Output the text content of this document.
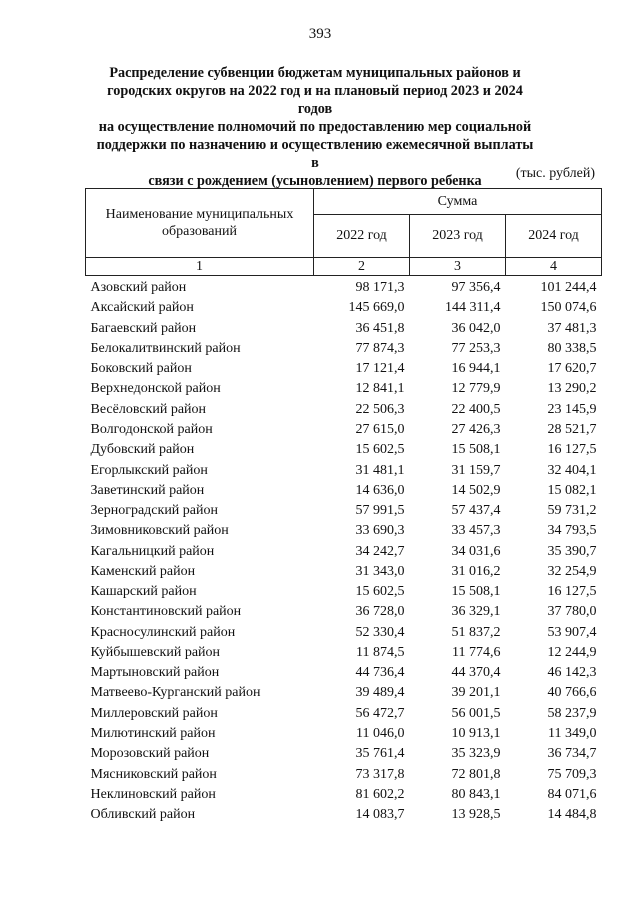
393
Распределение субвенции бюджетам муниципальных районов и
городских округов на 2022 год и на плановый период 2023 и 2024 годов
на осуществление полномочий по предоставлению мер социальной
поддержки по назначению и осуществлению ежемесячной выплаты в
связи с рождением (усыновлением) первого ребенка	(тыс. рублей)
Наименование муниципальных образований	Сумма		
	2022 год	2023 год	2024 год
1	2	3	4
Азовский район	98 171,3	97 356,4	101 244,4
Аксайский район	145 669,0	144 311,4	150 074,6
Багаевский район	36 451,8	36 042,0	37 481,3
Белокалитвинский район	77 874,3	77 253,3	80 338,5
Боковский район	17 121,4	16 944,1	17 620,7
Верхнедонской район	12 841,1	12 779,9	13 290,2
Весёловский район	22 506,3	22 400,5	23 145,9
Волгодонской район	27 615,0	27 426,3	28 521,7
Дубовский район	15 602,5	15 508,1	16 127,5
Егорлыкский район	31 481,1	31 159,7	32 404,1
Заветинский район	14 636,0	14 502,9	15 082,1
Зерноградский район	57 991,5	57 437,4	59 731,2
Зимовниковский район	33 690,3	33 457,3	34 793,5
Кагальницкий район	34 242,7	34 031,6	35 390,7
Каменский район	31 343,0	31 016,2	32 254,9
Кашарский район	15 602,5	15 508,1	16 127,5
Константиновский район	36 728,0	36 329,1	37 780,0
Красносулинский район	52 330,4	51 837,2	53 907,4
Куйбышевский район	11 874,5	11 774,6	12 244,9
Мартыновский район	44 736,4	44 370,4	46 142,3
Матвеево-Курганский район	39 489,4	39 201,1	40 766,6
Миллеровский район	56 472,7	56 001,5	58 237,9
Милютинский район	11 046,0	10 913,1	11 349,0
Морозовский район	35 761,4	35 323,9	36 734,7
Мясниковский район	73 317,8	72 801,8	75 709,3
Неклиновский район	81 602,2	80 843,1	84 071,6
Обливский район	14 083,7	13 928,5	14 484,8
